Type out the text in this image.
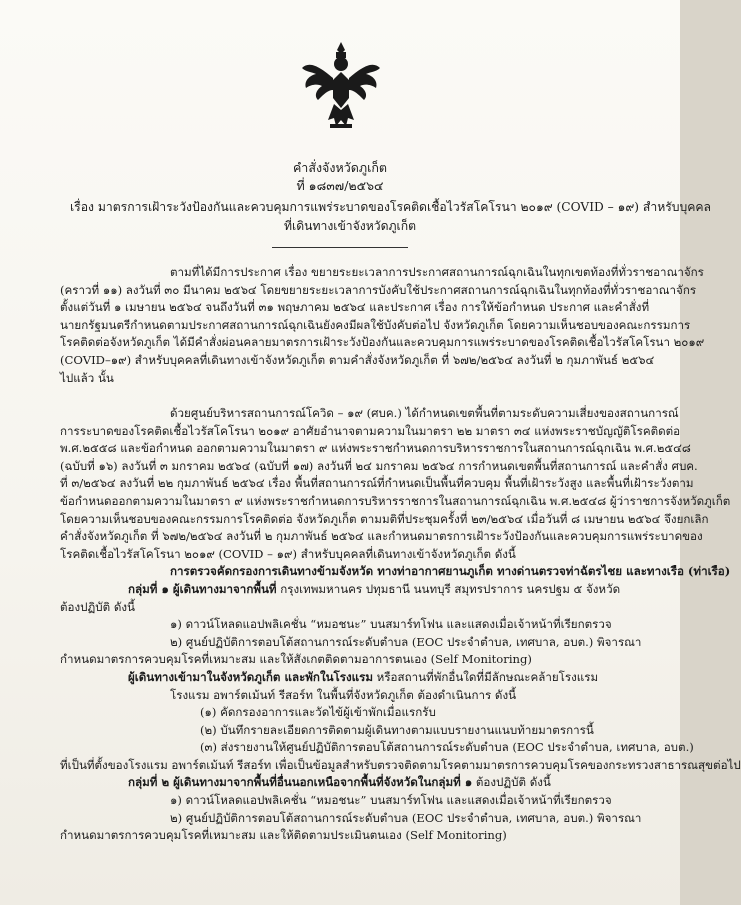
คำสั่งจังหวัดภูเก็ต
ที่ ๑๘๓๗/๒๕๖๔
เรื่อง มาตรการเฝ้าระวังป้องกันและควบคุมการแพร่ระบาดของโรคติดเชื้อไวรัสโคโรนา ๒๐๑๙ (COVID – ๑๙) สำหรับบุคคล
ที่เดินทางเข้าจังหวัดภูเก็ต
ตามที่ได้มีการประกาศ เรื่อง ขยายระยะเวลาการประกาศสถานการณ์ฉุกเฉินในทุกเขตท้องที่ทั่วราชอาณาจักร
(คราวที่ ๑๑) ลงวันที่ ๓๐ มีนาคม ๒๕๖๔ โดยขยายระยะเวลาการบังคับใช้ประกาศสถานการณ์ฉุกเฉินในทุกท้องที่ทั่วราชอาณาจักร
ตั้งแต่วันที่ ๑ เมษายน ๒๕๖๔ จนถึงวันที่ ๓๑ พฤษภาคม ๒๕๖๔ และประกาศ เรื่อง การให้ข้อกำหนด ประกาศ และคำสั่งที่
นายกรัฐมนตรีกำหนดตามประกาศสถานการณ์ฉุกเฉินยังคงมีผลใช้บังคับต่อไป จังหวัดภูเก็ต โดยความเห็นชอบของคณะกรรมการ
โรคติดต่อจังหวัดภูเก็ต ได้มีคำสั่งผ่อนคลายมาตรการเฝ้าระวังป้องกันและควบคุมการแพร่ระบาดของโรคติดเชื้อไวรัสโคโรนา ๒๐๑๙
(COVID–๑๙) สำหรับบุคคลที่เดินทางเข้าจังหวัดภูเก็ต ตามคำสั่งจังหวัดภูเก็ต ที่ ๖๗๒/๒๕๖๔ ลงวันที่ ๒ กุมภาพันธ์ ๒๕๖๔
ไปแล้ว นั้น
ด้วยศูนย์บริหารสถานการณ์โควิด – ๑๙ (ศบค.) ได้กำหนดเขตพื้นที่ตามระดับความเสี่ยงของสถานการณ์
การระบาดของโรคติดเชื้อไวรัสโคโรนา ๒๐๑๙ อาศัยอำนาจตามความในมาตรา ๒๒ มาตรา ๓๔ แห่งพระราชบัญญัติโรคติดต่อ
พ.ศ.๒๕๕๘ และข้อกำหนด ออกตามความในมาตรา ๙ แห่งพระราชกำหนดการบริหารราชการในสถานการณ์ฉุกเฉิน พ.ศ.๒๕๔๘
(ฉบับที่ ๑๖) ลงวันที่ ๓ มกราคม ๒๕๖๔ (ฉบับที่ ๑๗) ลงวันที่ ๒๔ มกราคม ๒๕๖๔ การกำหนดเขตพื้นที่สถานการณ์ และคำสั่ง ศบค.
ที่ ๓/๒๕๖๔ ลงวันที่ ๒๒ กุมภาพันธ์ ๒๕๖๔ เรื่อง พื้นที่สถานการณ์ที่กำหนดเป็นพื้นที่ควบคุม พื้นที่เฝ้าระวังสูง และพื้นที่เฝ้าระวังตาม
ข้อกำหนดออกตามความในมาตรา ๙ แห่งพระราชกำหนดการบริหารราชการในสถานการณ์ฉุกเฉิน พ.ศ.๒๕๔๘ ผู้ว่าราชการจังหวัดภูเก็ต
โดยความเห็นชอบของคณะกรรมการโรคติดต่อ จังหวัดภูเก็ต ตามมติที่ประชุมครั้งที่ ๒๓/๒๕๖๔ เมื่อวันที่ ๘ เมษายน ๒๕๖๔ จึงยกเลิก
คำสั่งจังหวัดภูเก็ต ที่ ๖๗๒/๒๕๖๔ ลงวันที่ ๒ กุมภาพันธ์ ๒๕๖๔ และกำหนดมาตรการเฝ้าระวังป้องกันและควบคุมการแพร่ระบาดของ
โรคติดเชื้อไวรัสโคโรนา ๒๐๑๙ (COVID – ๑๙) สำหรับบุคคลที่เดินทางเข้าจังหวัดภูเก็ต ดังนี้
การตรวจคัดกรองการเดินทางข้ามจังหวัด ทางท่าอากาศยานภูเก็ต ทางด่านตรวจท่าฉัตรไชย และทางเรือ (ท่าเรือ)
กลุ่มที่ ๑ ผู้เดินทางมาจากพื้นที่ กรุงเทพมหานคร ปทุมธานี นนทบุรี สมุทรปราการ นครปฐม ๕ จังหวัด
ต้องปฏิบัติ ดังนี้
๑) ดาวน์โหลดแอปพลิเคชั่น “หมอชนะ” บนสมาร์ทโฟน และแสดงเมื่อเจ้าหน้าที่เรียกตรวจ
๒) ศูนย์ปฏิบัติการตอบโต้สถานการณ์ระดับตำบล (EOC ประจำตำบล, เทศบาล, อบต.) พิจารณา
กำหนดมาตรการควบคุมโรคที่เหมาะสม และให้สังเกตติดตามอาการตนเอง (Self Monitoring)
ผู้เดินทางเข้ามาในจังหวัดภูเก็ต และพักในโรงแรม หรือสถานที่พักอื่นใดที่มีลักษณะคล้ายโรงแรม
โรงแรม อพาร์ตเม้นท์ รีสอร์ท ในพื้นที่จังหวัดภูเก็ต ต้องดำเนินการ ดังนี้
(๑) คัดกรองอาการและวัดไข้ผู้เข้าพักเมื่อแรกรับ
(๒) บันทึกรายละเอียดการติดตามผู้เดินทางตามแบบรายงานแนบท้ายมาตรการนี้
(๓) ส่งรายงานให้ศูนย์ปฏิบัติการตอบโต้สถานการณ์ระดับตำบล (EOC ประจำตำบล, เทศบาล, อบต.)
ที่เป็นที่ตั้งของโรงแรม อพาร์ตเม้นท์ รีสอร์ท เพื่อเป็นข้อมูลสำหรับตรวจติดตามโรคตามมาตรการควบคุมโรคของกระทรวงสาธารณสุขต่อไป
กลุ่มที่ ๒ ผู้เดินทางมาจากพื้นที่อื่นนอกเหนือจากพื้นที่จังหวัดในกลุ่มที่ ๑ ต้องปฏิบัติ ดังนี้
๑) ดาวน์โหลดแอปพลิเคชั่น “หมอชนะ” บนสมาร์ทโฟน และแสดงเมื่อเจ้าหน้าที่เรียกตรวจ
๒) ศูนย์ปฏิบัติการตอบโต้สถานการณ์ระดับตำบล (EOC ประจำตำบล, เทศบาล, อบต.) พิจารณา
กำหนดมาตรการควบคุมโรคที่เหมาะสม และให้ติดตามประเมินตนเอง (Self Monitoring)
